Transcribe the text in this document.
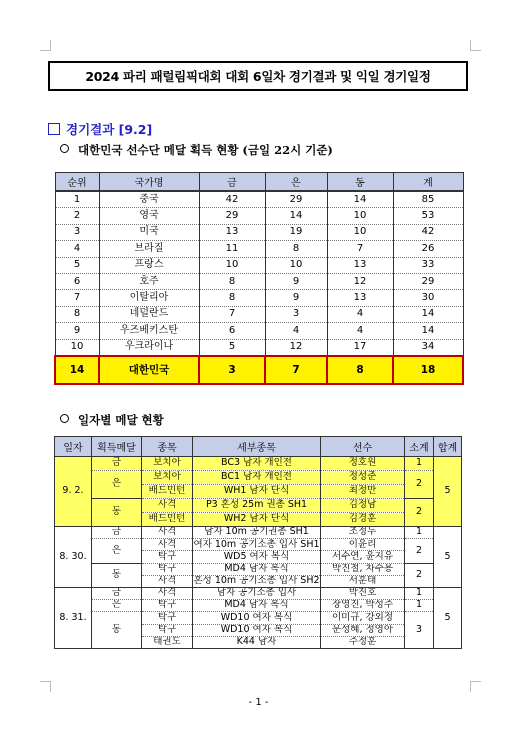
2024 파리 패럴림픽대회 대회 6일차 경기결과 및 익일 경기일정
경기결과 [9.2]
대한민국 선수단 메달 획득 현황 (금일 22시 기준)
순위	국가명	금	은	동	계
1	중국	42	29	14	85
2	영국	29	14	10	53
3	미국	13	19	10	42
4	브라질	11	8	7	26
5	프랑스	10	10	13	33
6	호주	8	9	12	29
7	이탈리아	8	9	13	30
8	네덜란드	7	3	4	14
9	우즈베키스탄	6	4	4	14
10	우크라이나	5	12	17	34
14	대한민국	3	7	8	18
일자별 메달 현황
일자	획득메달	종목	세부종목	선수	소계	합계
9. 2.	금	보치아	BC3 남자 개인전	정호원	1	5
	은	보치아	BC1 남자 개인전	정성준	2	
		배드민턴	WH1 남자 단식	최정만		
	동	사격	P3 혼성 25m 권총 SH1	김정남	2	
		배드민턴	WH2 남자 단식	김경훈		
8. 30.	금	사격	남자 10m 공기권총 SH1	조정두	1	5
	은	사격	여자 10m 공기소총 입사 SH1	이윤리	2	
		탁구	WD5 여자 복식	서수연, 윤지유		
	동	탁구	MD4 남자 복식	박진철, 차수용	2	
		사격	혼성 10m 공기소총 입사 SH2	서훈태		
8. 31.	금	사격	남자 공기소총 입사	박진호	1	5
	은	탁구	MD4 남자 복식	장영진, 박성주	1	
	동	탁구	WD10 여자 복식	이미규, 강외정	3	
		탁구	WD10 여자 복식	문성혜, 정영아		
		태권도	K44 남자	주정훈		
- 1 -
